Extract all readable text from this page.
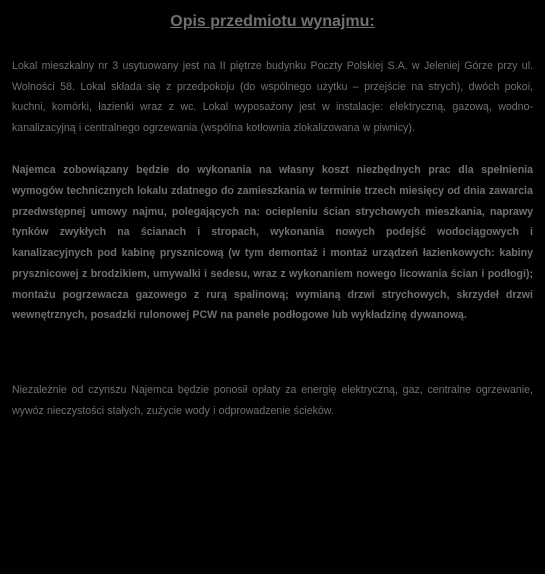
Opis przedmiotu wynajmu:

Lokal mieszkalny nr 3 usytuowany jest na II piętrze budynku Poczty Polskiej S.A. w Jeleniej Górze przy ul. Wolności 58. Lokal składa się z przedpokoju (do wspólnego użytku – przejście na strych), dwóch pokoi, kuchni, komórki, łazienki wraz z wc. Lokal wyposażony jest w instalacje: elektryczną, gazową, wodno-kanalizacyjną i centralnego ogrzewania (wspólna kotłownia zlokalizowana w piwnicy).

Najemca zobowiązany będzie do wykonania na własny koszt niezbędnych prac dla spełnienia wymogów technicznych lokalu zdatnego do zamieszkania w terminie trzech miesięcy od dnia zawarcia przedwstępnej umowy najmu, polegających na: ociepleniu ścian strychowych mieszkania, naprawy tynków zwykłych na ścianach i stropach, wykonania nowych podejść wodociągowych i kanalizacyjnych pod kabinę prysznicową (w tym demontaż i montaż urządzeń łazienkowych: kabiny prysznicowej z brodzikiem, umywalki i sedesu, wraz z wykonaniem nowego licowania ścian i podłogi); montażu pogrzewacza gazowego z rurą spalinową; wymianą drzwi strychowych, skrzydeł drzwi wewnętrznych, posadzki rulonowej PCW na panele podłogowe lub wykładzinę dywanową.

Niezależnie od czynszu Najemca będzie ponosił opłaty za energię elektryczną, gaz, centralne ogrzewanie, wywóz nieczystości stałych, zużycie wody i odprowadzenie ścieków.
